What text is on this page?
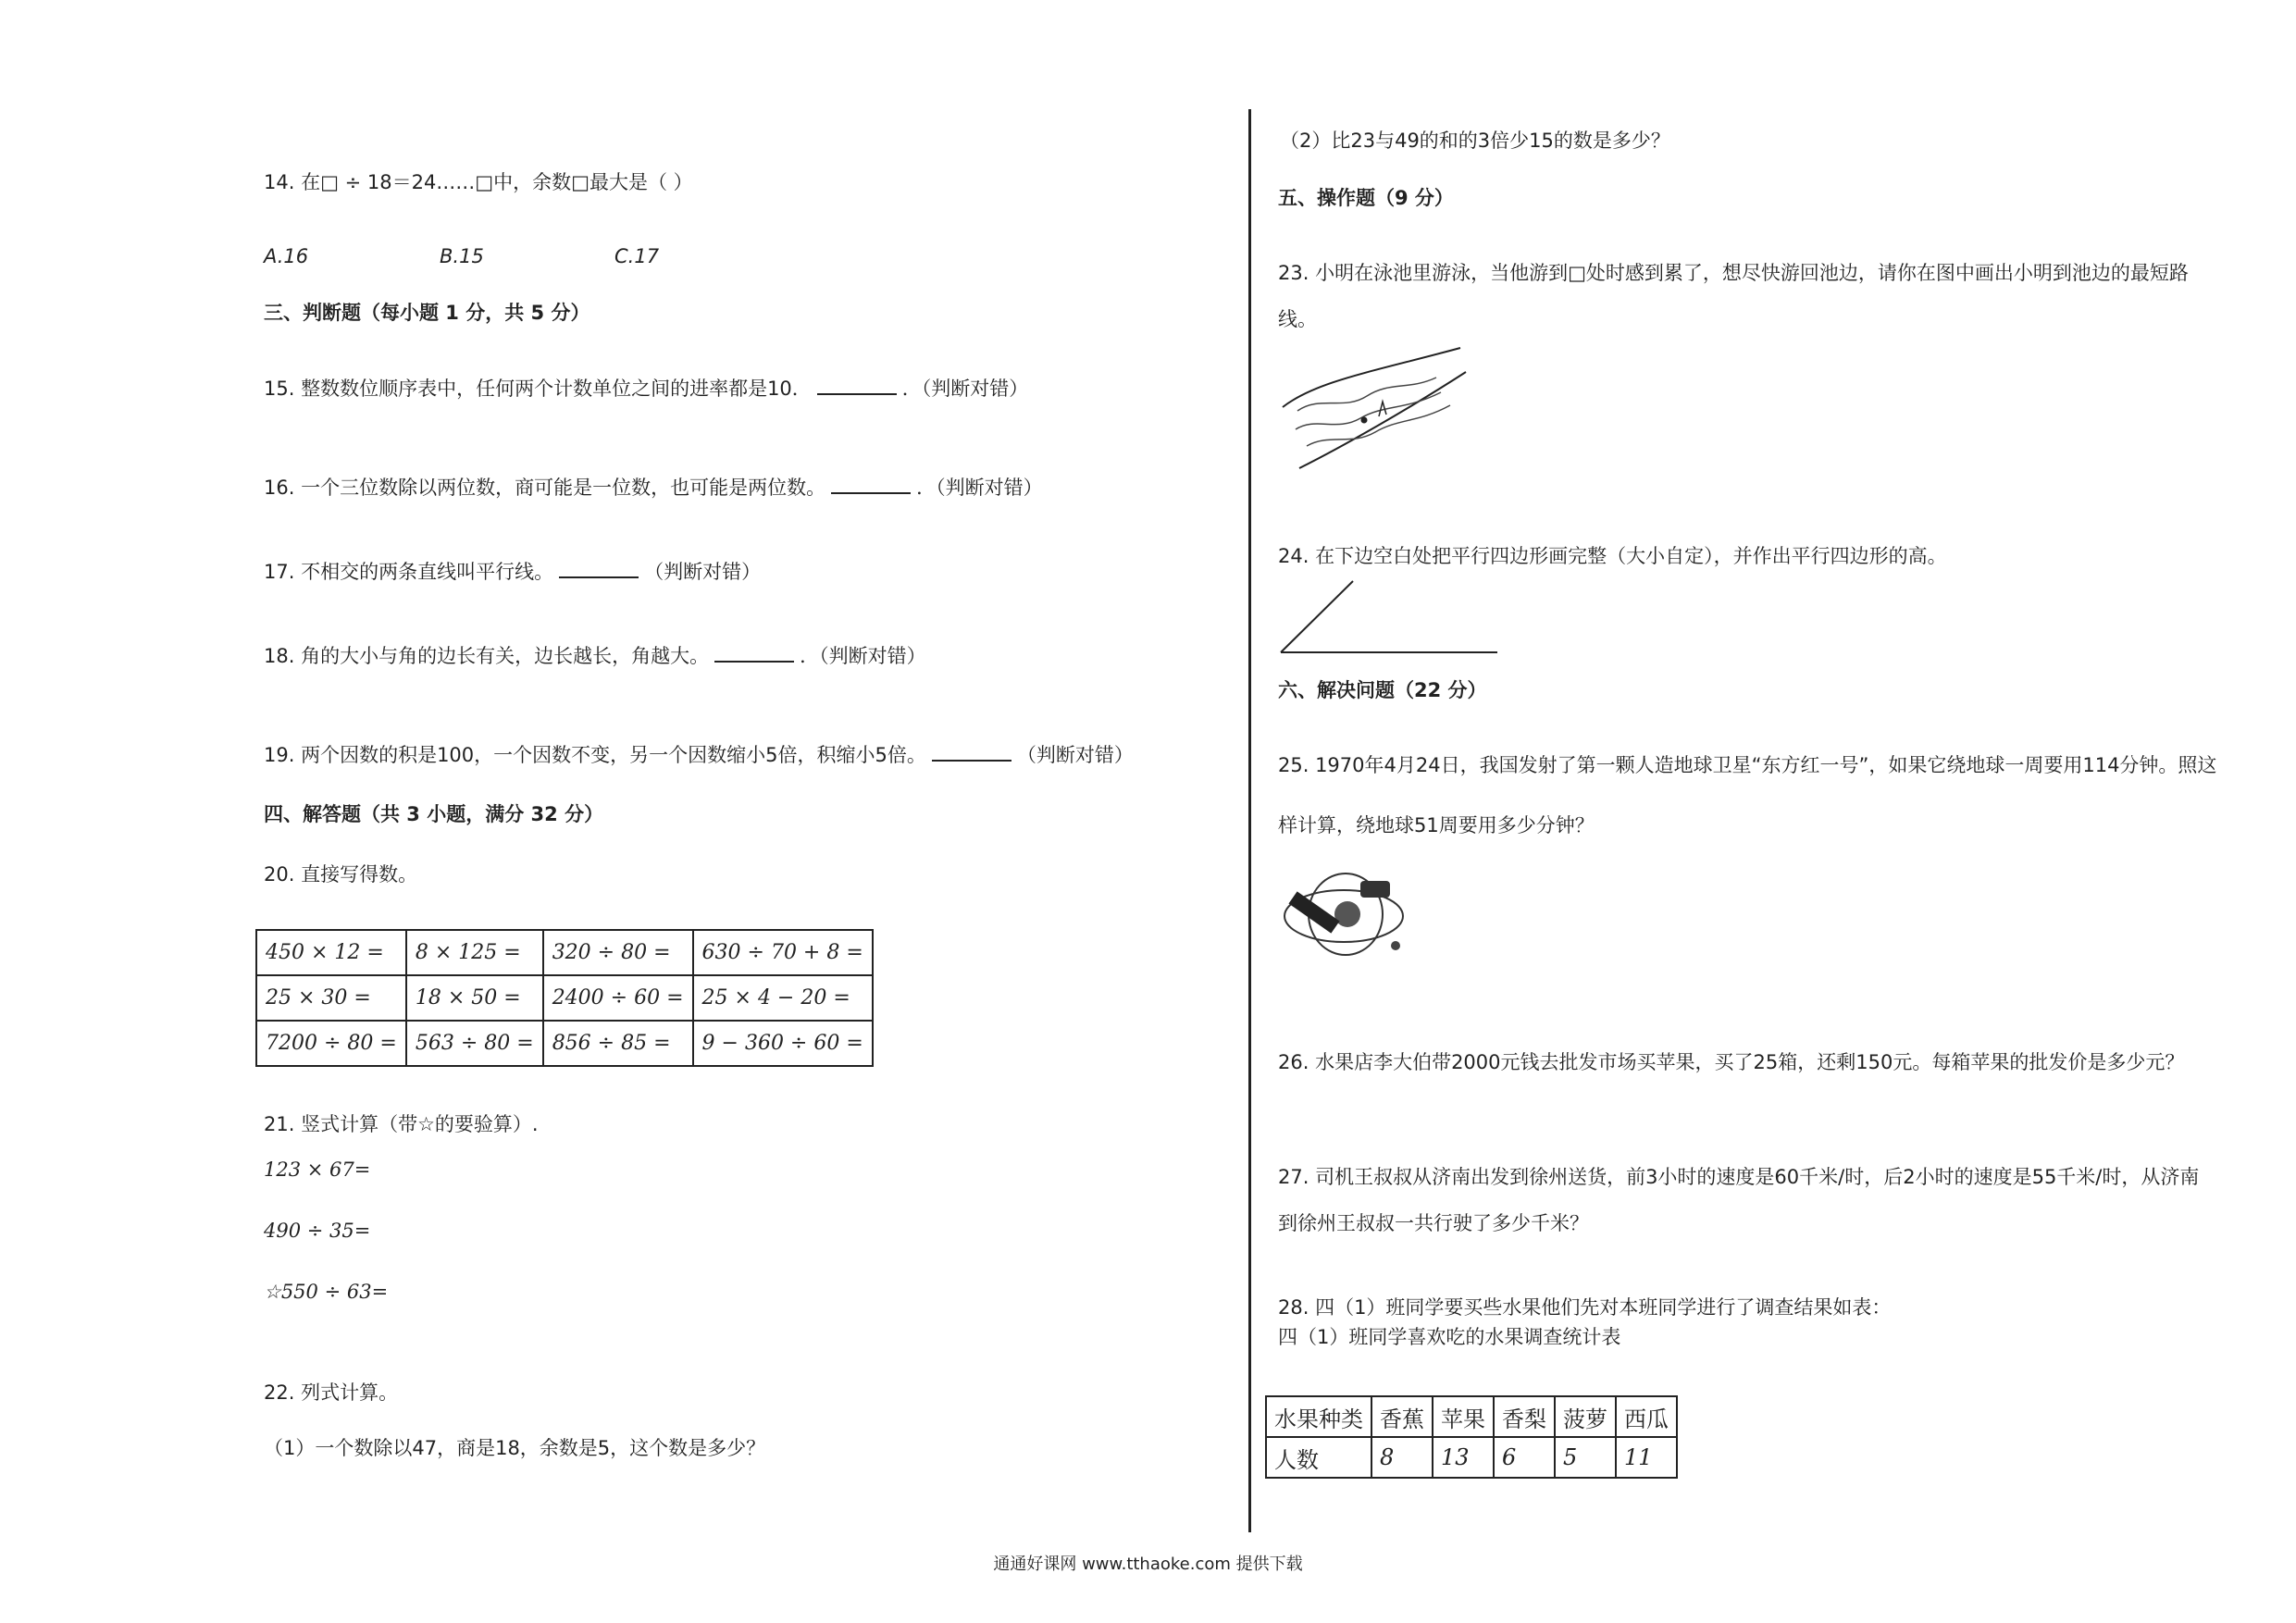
14. 在□ ÷ 18＝24……□中，余数□最大是（ ）
A.16	B.15	C.17
三、判断题（每小题 1 分，共 5 分）
15. 整数数位顺序表中，任何两个计数单位之间的进率都是10．	．（判断对错）
16. 一个三位数除以两位数，商可能是一位数，也可能是两位数。	．（判断对错）
17. 不相交的两条直线叫平行线。	（判断对错）
18. 角的大小与角的边长有关，边长越长，角越大。	．（判断对错）
19. 两个因数的积是100，一个因数不变，另一个因数缩小5倍，积缩小5倍。	（判断对错）
四、解答题（共 3 小题，满分 32 分）
20. 直接写得数。
450 × 12 =	8 × 125 =	320 ÷ 80 =	630 ÷ 70 + 8 =
25 × 30 =	18 × 50 =	2400 ÷ 60 =	25 × 4 − 20 =
7200 ÷ 80 =	563 ÷ 80 =	856 ÷ 85 =	9 − 360 ÷ 60 =
21. 竖式计算（带☆的要验算）.
123 × 67=
490 ÷ 35=
☆550 ÷ 63=
22. 列式计算。
（1）一个数除以47，商是18，余数是5，这个数是多少？
（2）比23与49的和的3倍少15的数是多少？
五、操作题（9 分）
23. 小明在泳池里游泳，当他游到□处时感到累了，想尽快游回池边，请你在图中画出小明到池边的最短路
线。
24. 在下边空白处把平行四边形画完整（大小自定），并作出平行四边形的高。
六、解决问题（22 分）
25. 1970年4月24日，我国发射了第一颗人造地球卫星“东方红一号”，如果它绕地球一周要用114分钟。照这
样计算，绕地球51周要用多少分钟？
26. 水果店李大伯带2000元钱去批发市场买苹果，买了25箱，还剩150元。每箱苹果的批发价是多少元？
27. 司机王叔叔从济南出发到徐州送货，前3小时的速度是60千米/时，后2小时的速度是55千米/时，从济南
到徐州王叔叔一共行驶了多少千米？
28. 四（1）班同学要买些水果他们先对本班同学进行了调查结果如表：
四（1）班同学喜欢吃的水果调查统计表
水果种类	香蕉	苹果	香梨	菠萝	西瓜
人数	8	13	6	5	11
通通好课网 www.tthaoke.com 提供下载
